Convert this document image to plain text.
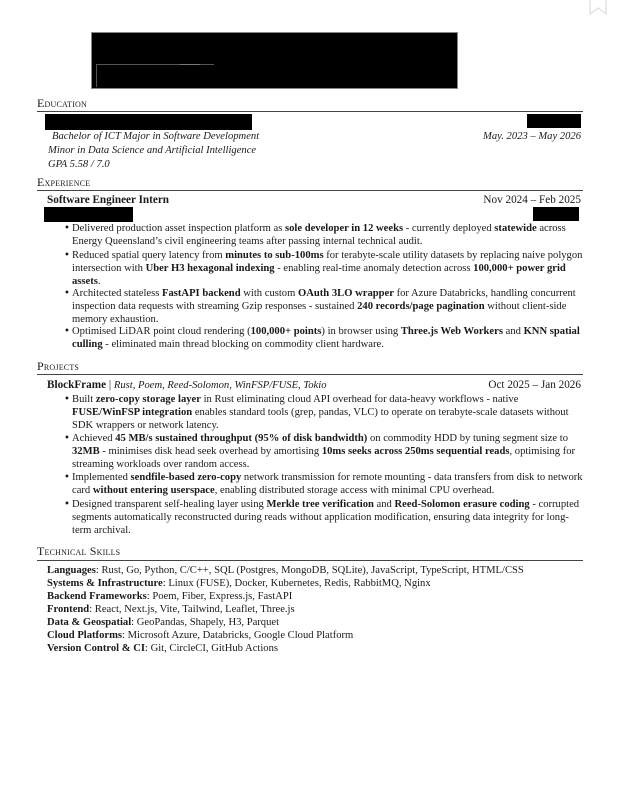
Education
Bachelor of ICT Major in Software Development	May. 2023 – May 2026
Minor in Data Science and Artificial Intelligence
GPA 5.58 / 7.0
Experience
Software Engineer Intern	Nov 2024 – Feb 2025
•
Delivered production asset inspection platform as sole developer in 12 weeks - currently deployed statewide across Energy Queensland’s civil engineering teams after passing internal technical audit.
•
Reduced spatial query latency from minutes to sub-100ms for terabyte-scale utility datasets by replacing naive polygon intersection with Uber H3 hexagonal indexing - enabling real-time anomaly detection across 100,000+ power grid assets.
•
Architected stateless FastAPI backend with custom OAuth 3LO wrapper for Azure Databricks, handling concurrent inspection data requests with streaming Gzip responses - sustained 240 records/page pagination without client-side memory exhaustion.
•
Optimised LiDAR point cloud rendering (100,000+ points) in browser using Three.js Web Workers and KNN spatial culling - eliminated main thread blocking on commodity client hardware.
Projects
BlockFrame | Rust, Poem, Reed-Solomon, WinFSP/FUSE, Tokio	Oct 2025 – Jan 2026
•
Built zero-copy storage layer in Rust eliminating cloud API overhead for data-heavy workflows - native FUSE/WinFSP integration enables standard tools (grep, pandas, VLC) to operate on terabyte-scale datasets without SDK wrappers or network latency.
•
Achieved 45 MB/s sustained throughput (95% of disk bandwidth) on commodity HDD by tuning segment size to 32MB - minimises disk head seek overhead by amortising 10ms seeks across 250ms sequential reads, optimising for streaming workloads over random access.
•
Implemented sendfile-based zero-copy network transmission for remote mounting - data transfers from disk to network card without entering userspace, enabling distributed storage access with minimal CPU overhead.
•
Designed transparent self-healing layer using Merkle tree verification and Reed-Solomon erasure coding - corrupted segments automatically reconstructed during reads without application modification, ensuring data integrity for long-term archival.
Technical Skills
Languages: Rust, Go, Python, C/C++, SQL (Postgres, MongoDB, SQLite), JavaScript, TypeScript, HTML/CSS
Systems & Infrastructure: Linux (FUSE), Docker, Kubernetes, Redis, RabbitMQ, Nginx
Backend Frameworks: Poem, Fiber, Express.js, FastAPI
Frontend: React, Next.js, Vite, Tailwind, Leaflet, Three.js
Data & Geospatial: GeoPandas, Shapely, H3, Parquet
Cloud Platforms: Microsoft Azure, Databricks, Google Cloud Platform
Version Control & CI: Git, CircleCI, GitHub Actions
